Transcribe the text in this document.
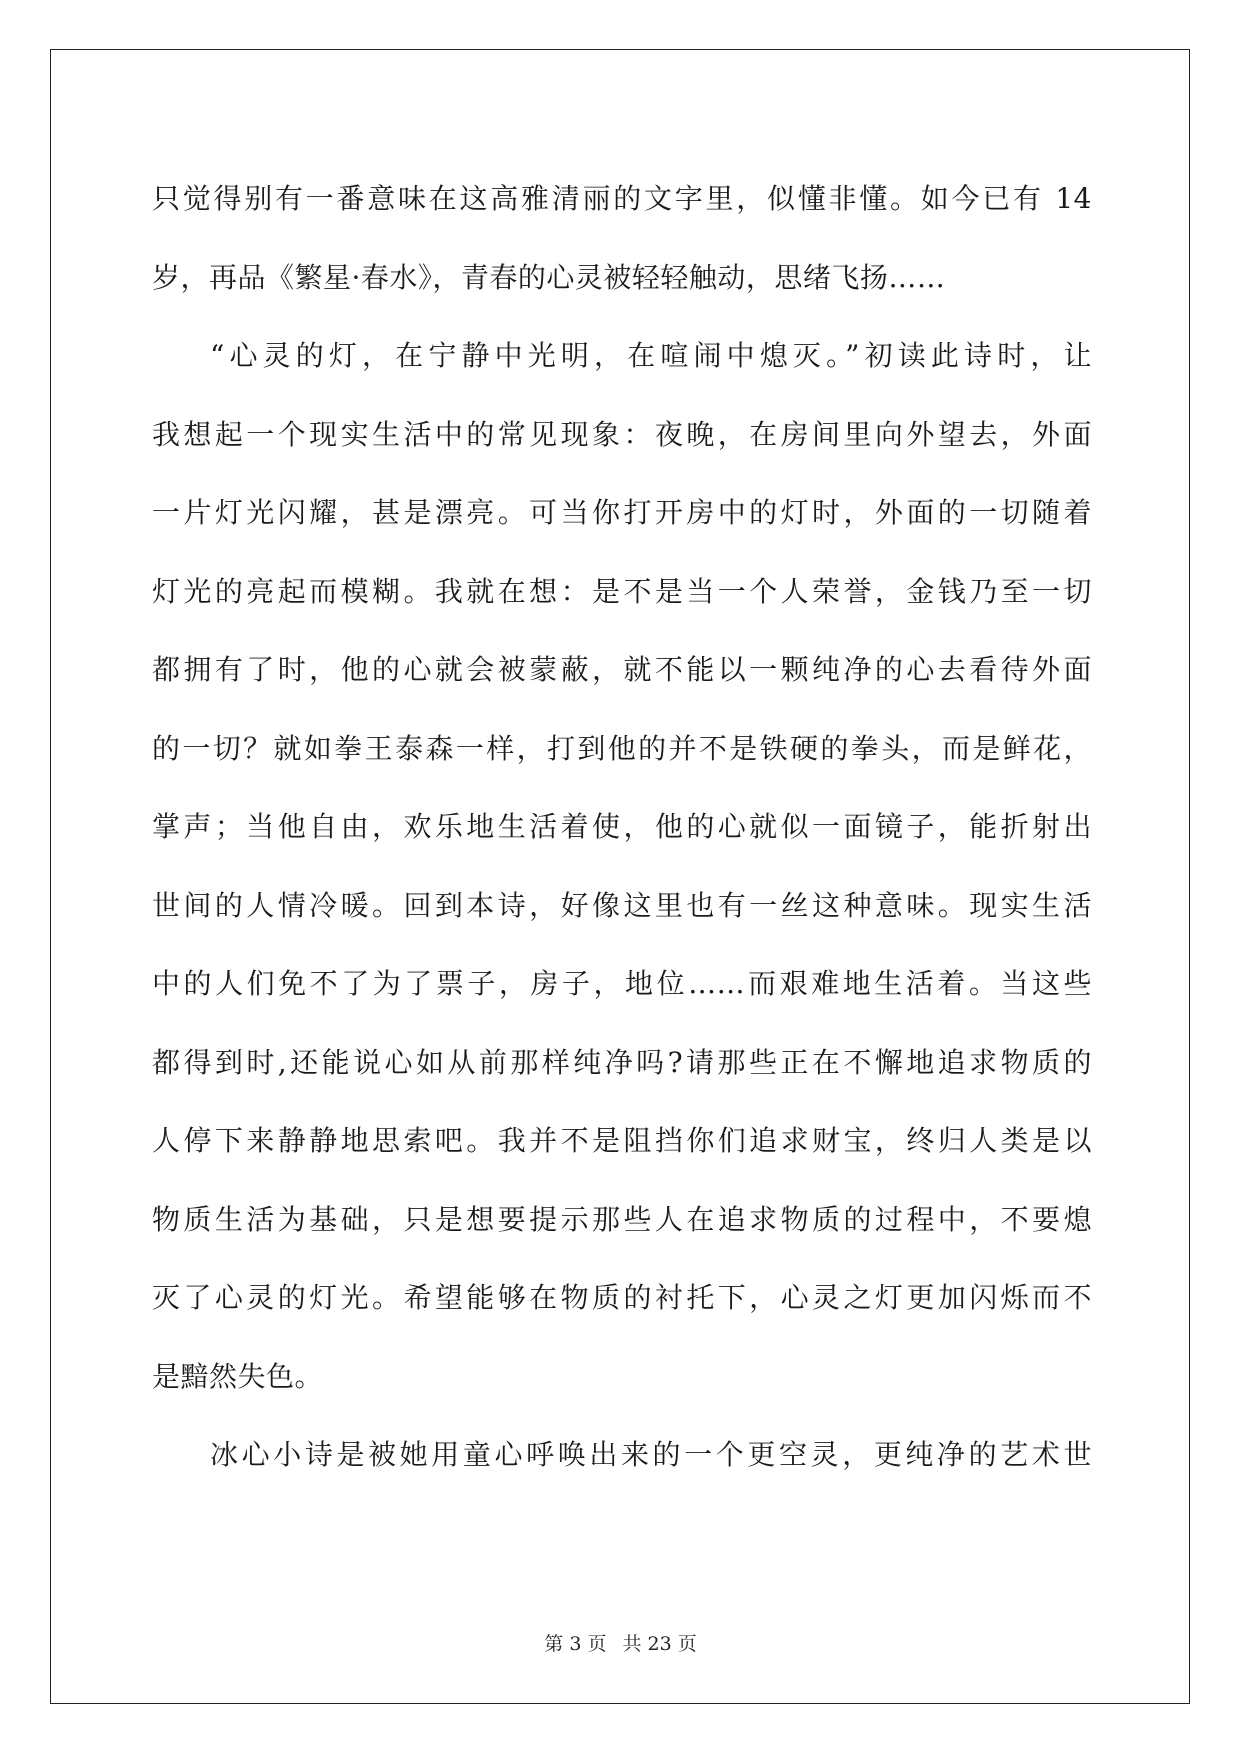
只觉得别有一番意味在这高雅清丽的文字里，似懂非懂。如今已有 14
岁，再品《繁星·春水》，青春的心灵被轻轻触动，思绪飞扬……
“心灵的灯，在宁静中光明，在喧闹中熄灭。”初读此诗时，让
我想起一个现实生活中的常见现象：夜晚，在房间里向外望去，外面
一片灯光闪耀，甚是漂亮。可当你打开房中的灯时，外面的一切随着
灯光的亮起而模糊。我就在想：是不是当一个人荣誉，金钱乃至一切
都拥有了时，他的心就会被蒙蔽，就不能以一颗纯净的心去看待外面
的一切？就如拳王泰森一样，打到他的并不是铁硬的拳头，而是鲜花，
掌声；当他自由，欢乐地生活着使，他的心就似一面镜子，能折射出
世间的人情冷暖。回到本诗，好像这里也有一丝这种意味。现实生活
中的人们免不了为了票子，房子，地位……而艰难地生活着。当这些
都得到时,还能说心如从前那样纯净吗?请那些正在不懈地追求物质的
人停下来静静地思索吧。我并不是阻挡你们追求财宝，终归人类是以
物质生活为基础，只是想要提示那些人在追求物质的过程中，不要熄
灭了心灵的灯光。希望能够在物质的衬托下，心灵之灯更加闪烁而不
是黯然失色。
冰心小诗是被她用童心呼唤出来的一个更空灵，更纯净的艺术世
第 3 页 共 23 页
